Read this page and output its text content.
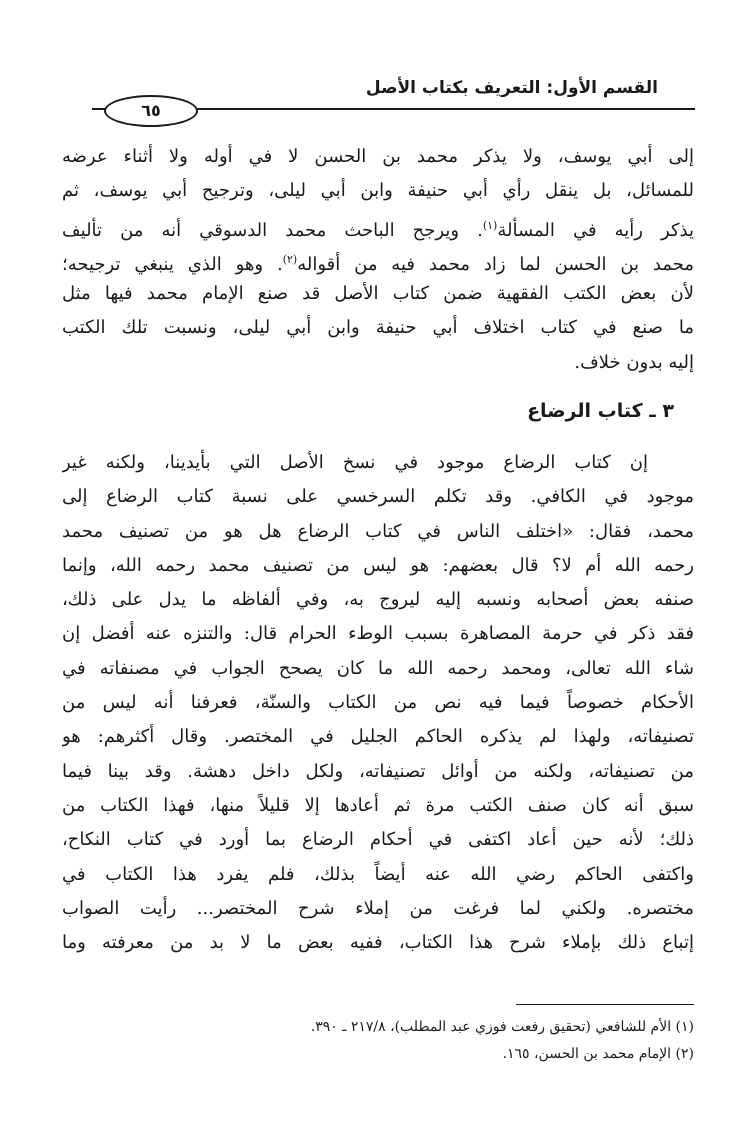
القسم الأول: التعريف بكتاب الأصل
٦٥
إلى أبي يوسف، ولا يذكر محمد بن الحسن لا في أوله ولا أثناء عرضه
للمسائل، بل ينقل رأي أبي حنيفة وابن أبي ليلى، وترجيح أبي يوسف، ثم
يذكر رأيه في المسألة$^{(١)}$. ويرجح الباحث محمد الدسوقي أنه من تأليف
محمد بن الحسن لما زاد محمد فيه من أقواله$^{(٢)}$. وهو الذي ينبغي ترجيحه؛
لأن بعض الكتب الفقهية ضمن كتاب الأصل قد صنع الإمام محمد فيها مثل
ما صنع في كتاب اختلاف أبي حنيفة وابن أبي ليلى، ونسبت تلك الكتب
إليه بدون خلاف.
٣ ـ كتاب الرضاع
إن كتاب الرضاع موجود في نسخ الأصل التي بأيدينا، ولكنه غير
موجود في الكافي. وقد تكلم السرخسي على نسبة كتاب الرضاع إلى
محمد، فقال: «اختلف الناس في كتاب الرضاع هل هو من تصنيف محمد
رحمه الله أم لا؟ قال بعضهم: هو ليس من تصنيف محمد رحمه الله، وإنما
صنفه بعض أصحابه ونسبه إليه ليروج به، وفي ألفاظه ما يدل على ذلك،
فقد ذكر في حرمة المصاهرة بسبب الوطء الحرام قال: والتنزه عنه أفضل إن
شاء الله تعالى، ومحمد رحمه الله ما كان يصحح الجواب في مصنفاته في
الأحكام خصوصاً فيما فيه نص من الكتاب والسنّة، فعرفنا أنه ليس من
تصنيفاته، ولهذا لم يذكره الحاكم الجليل في المختصر. وقال أكثرهم: هو
من تصنيفاته، ولكنه من أوائل تصنيفاته، ولكل داخل دهشة. وقد بينا فيما
سبق أنه كان صنف الكتب مرة ثم أعادها إلا قليلاً منها، فهذا الكتاب من
ذلك؛ لأنه حين أعاد اكتفى في أحكام الرضاع بما أورد في كتاب النكاح،
واكتفى الحاكم رضي الله عنه أيضاً بذلك، فلم يفرد هذا الكتاب في
مختصره. ولكني لما فرغت من إملاء شرح المختصر... رأيت الصواب
إتباع ذلك بإملاء شرح هذا الكتاب، ففيه بعض ما لا بد من معرفته وما
(١) الأم للشافعي (تحقيق رفعت فوزي عبد المطلب)، ٢١٧/٨ ـ ٣٩٠.
(٢) الإمام محمد بن الحسن، ١٦٥.
